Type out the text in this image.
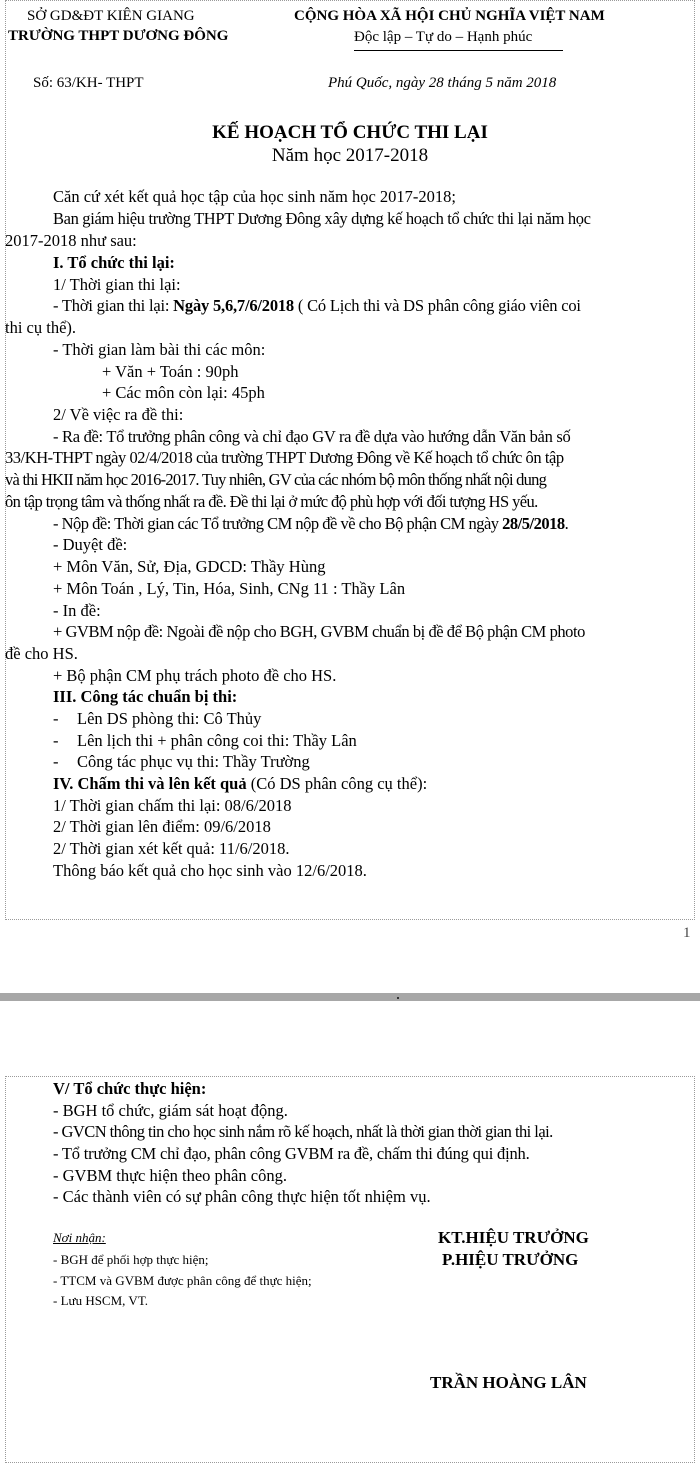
SỞ GD&ĐT KIÊN GIANG
TRƯỜNG THPT DƯƠNG ĐÔNG
CỘNG HÒA XÃ HỘI CHỦ NGHĨA VIỆT NAM
Độc lập – Tự do – Hạnh phúc
Số: 63/KH- THPT	Phú Quốc, ngày 28 tháng 5 năm 2018
KẾ HOẠCH TỔ CHỨC THI LẠI
Năm học 2017-2018
Căn cứ xét kết quả học tập của học sinh năm học 2017-2018;
Ban giám hiệu trường THPT Dương Đông xây dựng kế hoạch tổ chức thi lại năm học
2017-2018 như sau:
I. Tổ chức thi lại:
1/ Thời gian thi lại:
- Thời gian thi lại: Ngày 5,6,7/6/2018 ( Có Lịch thi và DS phân công giáo viên coi
thi cụ thể).
- Thời gian làm bài thi các môn:
+ Văn + Toán : 90ph
+ Các môn còn lại: 45ph
2/ Về việc ra đề thi:
- Ra đề: Tổ trưởng phân công và chỉ đạo GV ra đề dựa vào hướng dẫn Văn bản số
33/KH-THPT ngày 02/4/2018 của trường THPT Dương Đông về Kế hoạch tổ chức ôn tập
và thi HKII năm học 2016-2017. Tuy nhiên, GV của các nhóm bộ môn thống nhất nội dung
ôn tập trọng tâm và thống nhất ra đề. Đề thi lại ở mức độ phù hợp với đối tượng HS yếu.
- Nộp đề: Thời gian các Tổ trưởng CM nộp đề về cho Bộ phận CM ngày 28/5/2018.
- Duyệt đề:
+ Môn Văn, Sử, Địa, GDCD: Thầy Hùng
+ Môn Toán , Lý, Tin, Hóa, Sinh, CNg 11 : Thầy Lân
- In đề:
+ GVBM nộp đề: Ngoài đề nộp cho BGH, GVBM chuẩn bị đề để Bộ phận CM photo
đề cho HS.
+ Bộ phận CM phụ trách photo đề cho HS.
III. Công tác chuẩn bị thi:
- Lên DS phòng thi: Cô Thủy
- Lên lịch thi + phân công coi thi: Thầy Lân
- Công tác phục vụ thi: Thầy Trường
IV. Chấm thi và lên kết quả (Có DS phân công cụ thể):
1/ Thời gian chấm thi lại: 08/6/2018
2/ Thời gian lên điểm: 09/6/2018
2/ Thời gian xét kết quả: 11/6/2018.
Thông báo kết quả cho học sinh vào 12/6/2018.
1
V/ Tổ chức thực hiện:
- BGH tổ chức, giám sát hoạt động.
- GVCN thông tin cho học sinh nắm rõ kế hoạch, nhất là thời gian thời gian thi lại.
- Tổ trưởng CM chỉ đạo, phân công GVBM ra đề, chấm thi đúng qui định.
- GVBM thực hiện theo phân công.
- Các thành viên có sự phân công thực hiện tốt nhiệm vụ.
Nơi nhận:
- BGH để phối hợp thực hiện;
- TTCM và GVBM được phân công để thực hiện;
- Lưu HSCM, VT.
KT.HIỆU TRƯỞNG
P.HIỆU TRƯỞNG
TRẦN HOÀNG LÂN
